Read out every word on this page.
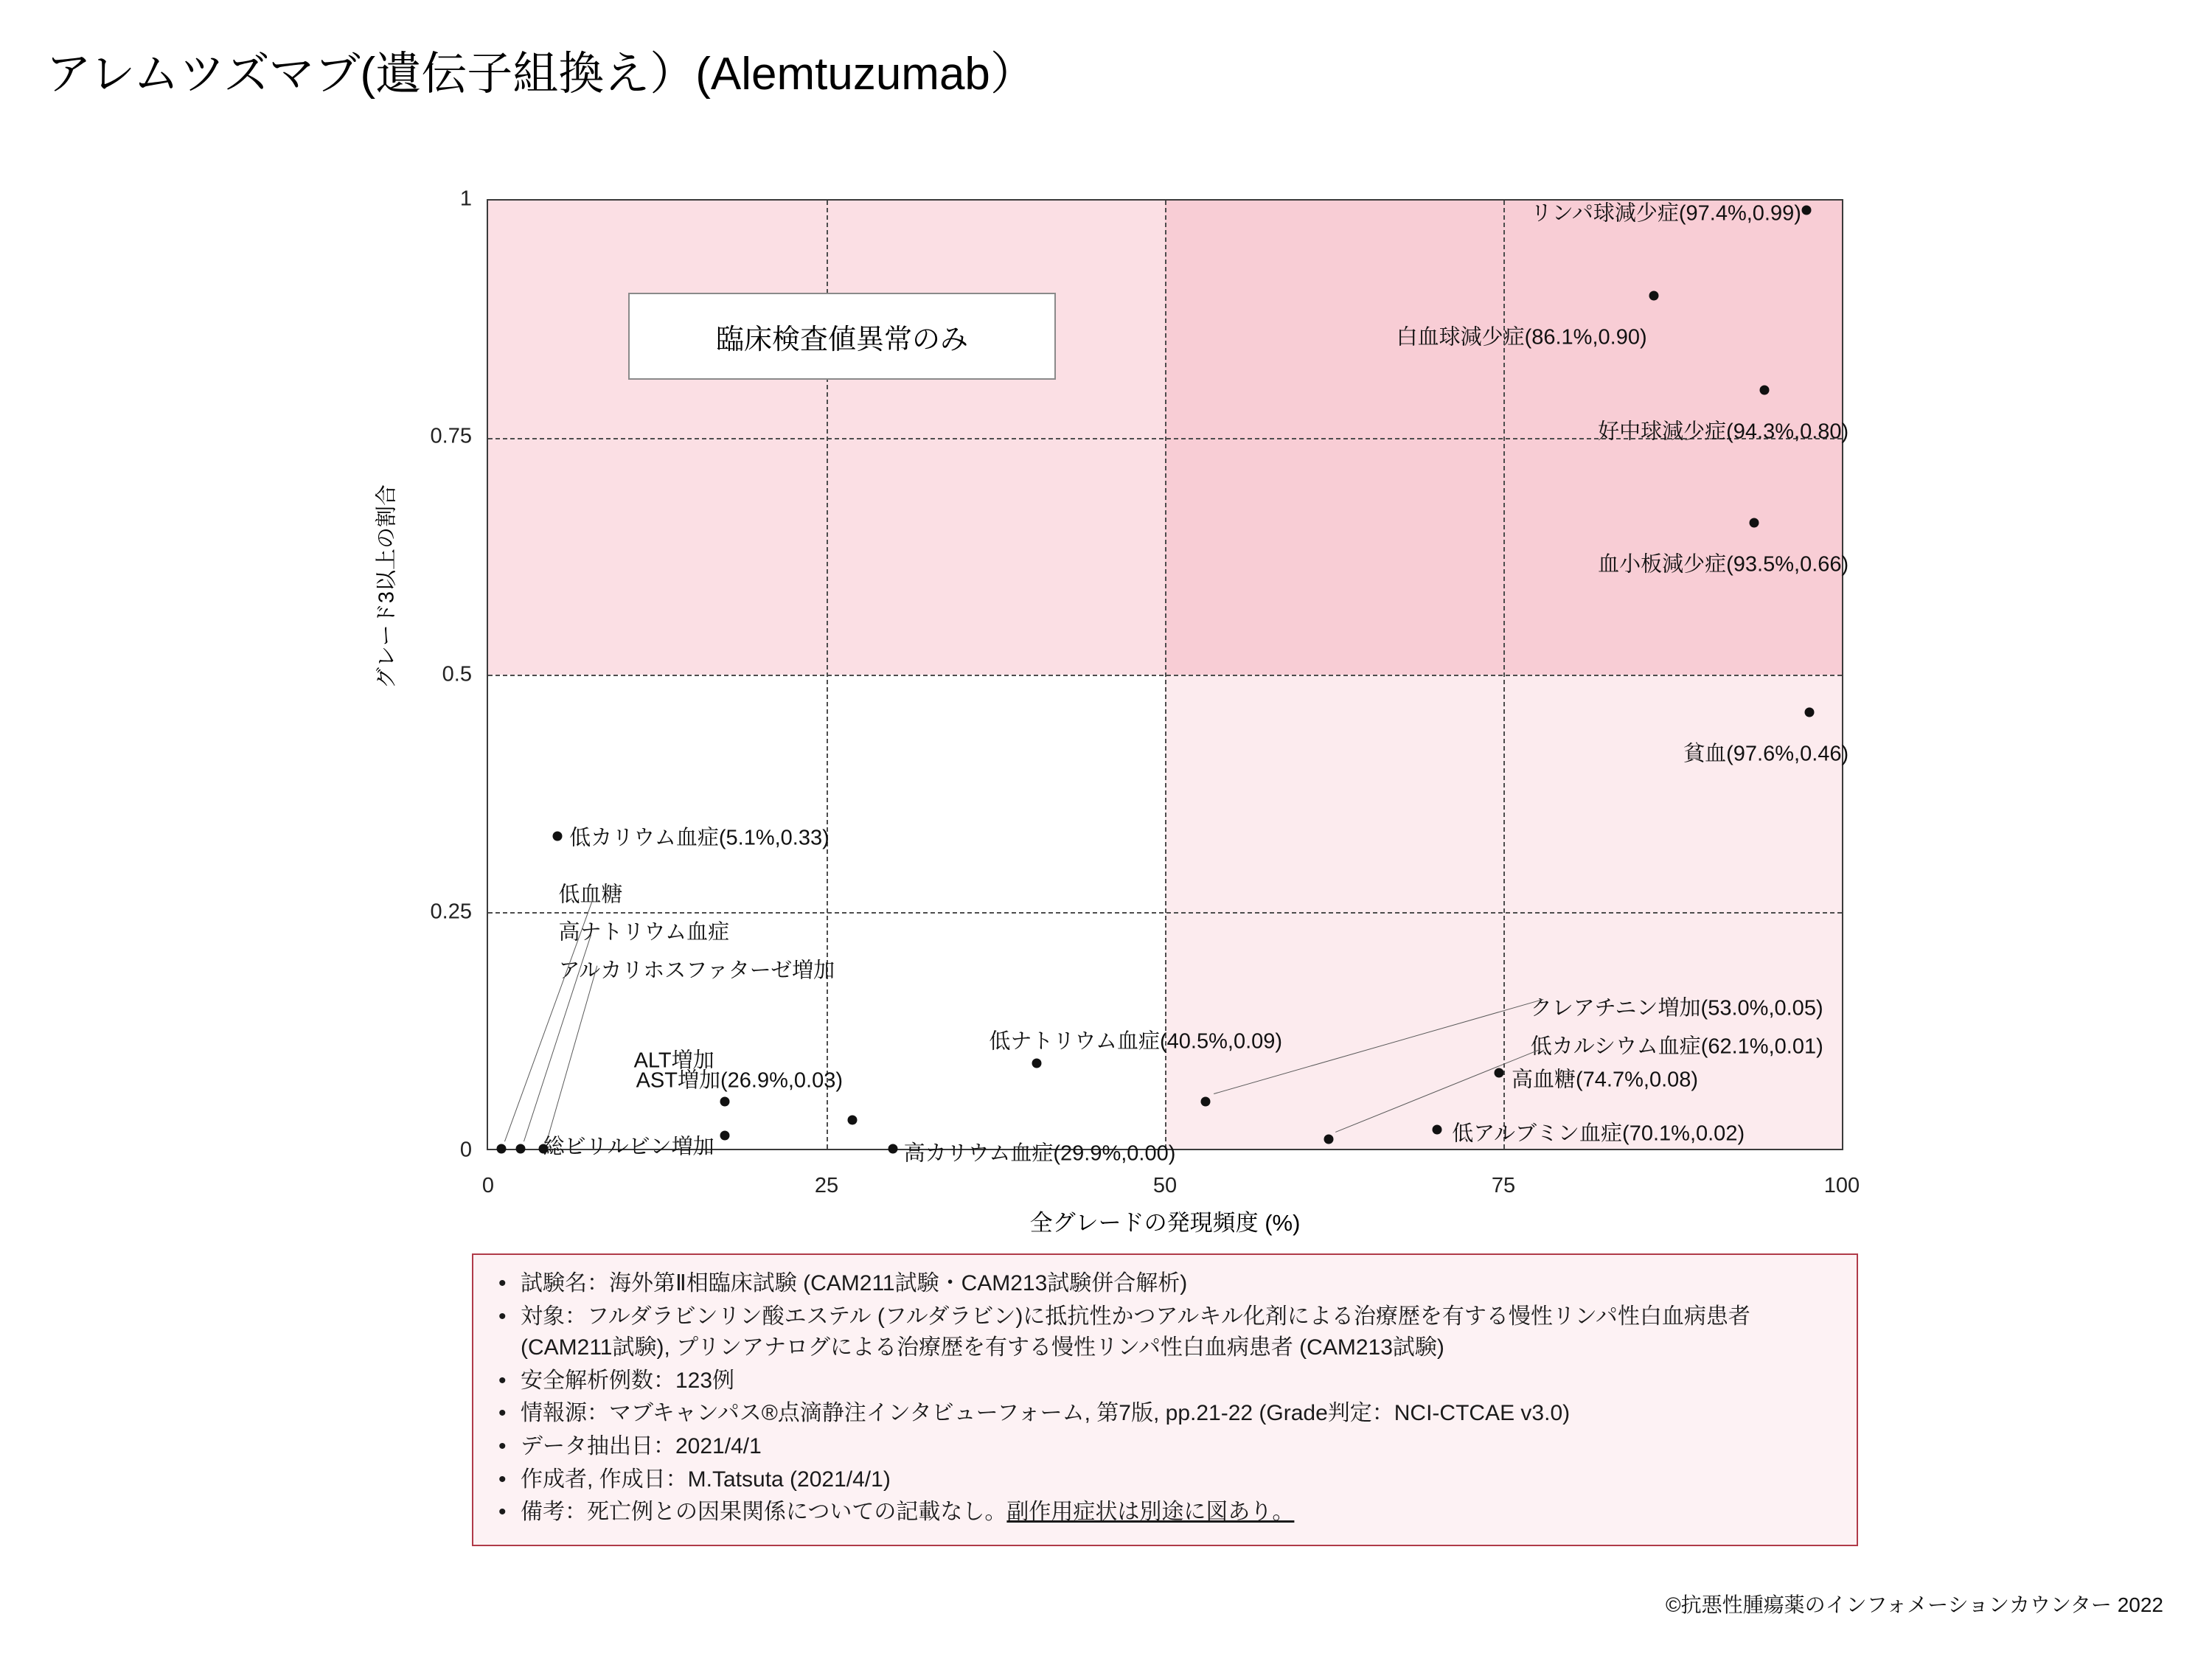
アレムツズマブ(遺伝子組換え）(Alemtuzumab）
グレード3以上の割合
全グレードの発現頻度 (%)
1
0.75
0.5
0.25
0
臨床検査値異常のみ
リンパ球減少症(97.4%,0.99)
白血球減少症(86.1%,0.90)
好中球減少症(94.3%,0.80)
血小板減少症(93.5%,0.66)
貧血(97.6%,0.46)
低カリウム血症(5.1%,0.33)
低ナトリウム血症(40.5%,0.09)
クレアチニン増加(53.0%,0.05)
低カルシウム血症(62.1%,0.01)
高血糖(74.7%,0.08)
低アルブミン血症(70.1%,0.02)
AST増加(26.9%,0.03)
高カリウム血症(29.9%,0.00)
低血糖
高ナトリウム血症
アルカリホスファターゼ増加
ALT増加
総ビリルビン増加
0	25	50	75	100
• 試験名：海外第Ⅱ相臨床試験 (CAM211試験・CAM213試験併合解析)
• 対象：フルダラビンリン酸エステル (フルダラビン)に抵抗性かつアルキル化剤による治療歴を有する慢性リンパ性白血病患者 (CAM211試験), プリンアナログによる治療歴を有する慢性リンパ性白血病患者 (CAM213試験)
• 安全解析例数：123例
• 情報源：マブキャンパス®点滴静注インタビューフォーム, 第7版, pp.21-22 (Grade判定：NCI-CTCAE v3.0)
• データ抽出日：2021/4/1
• 作成者, 作成日：M.Tatsuta (2021/4/1)
• 備考：死亡例との因果関係についての記載なし。副作用症状は別途に図あり。
©抗悪性腫瘍薬のインフォメーションカウンター 2022
